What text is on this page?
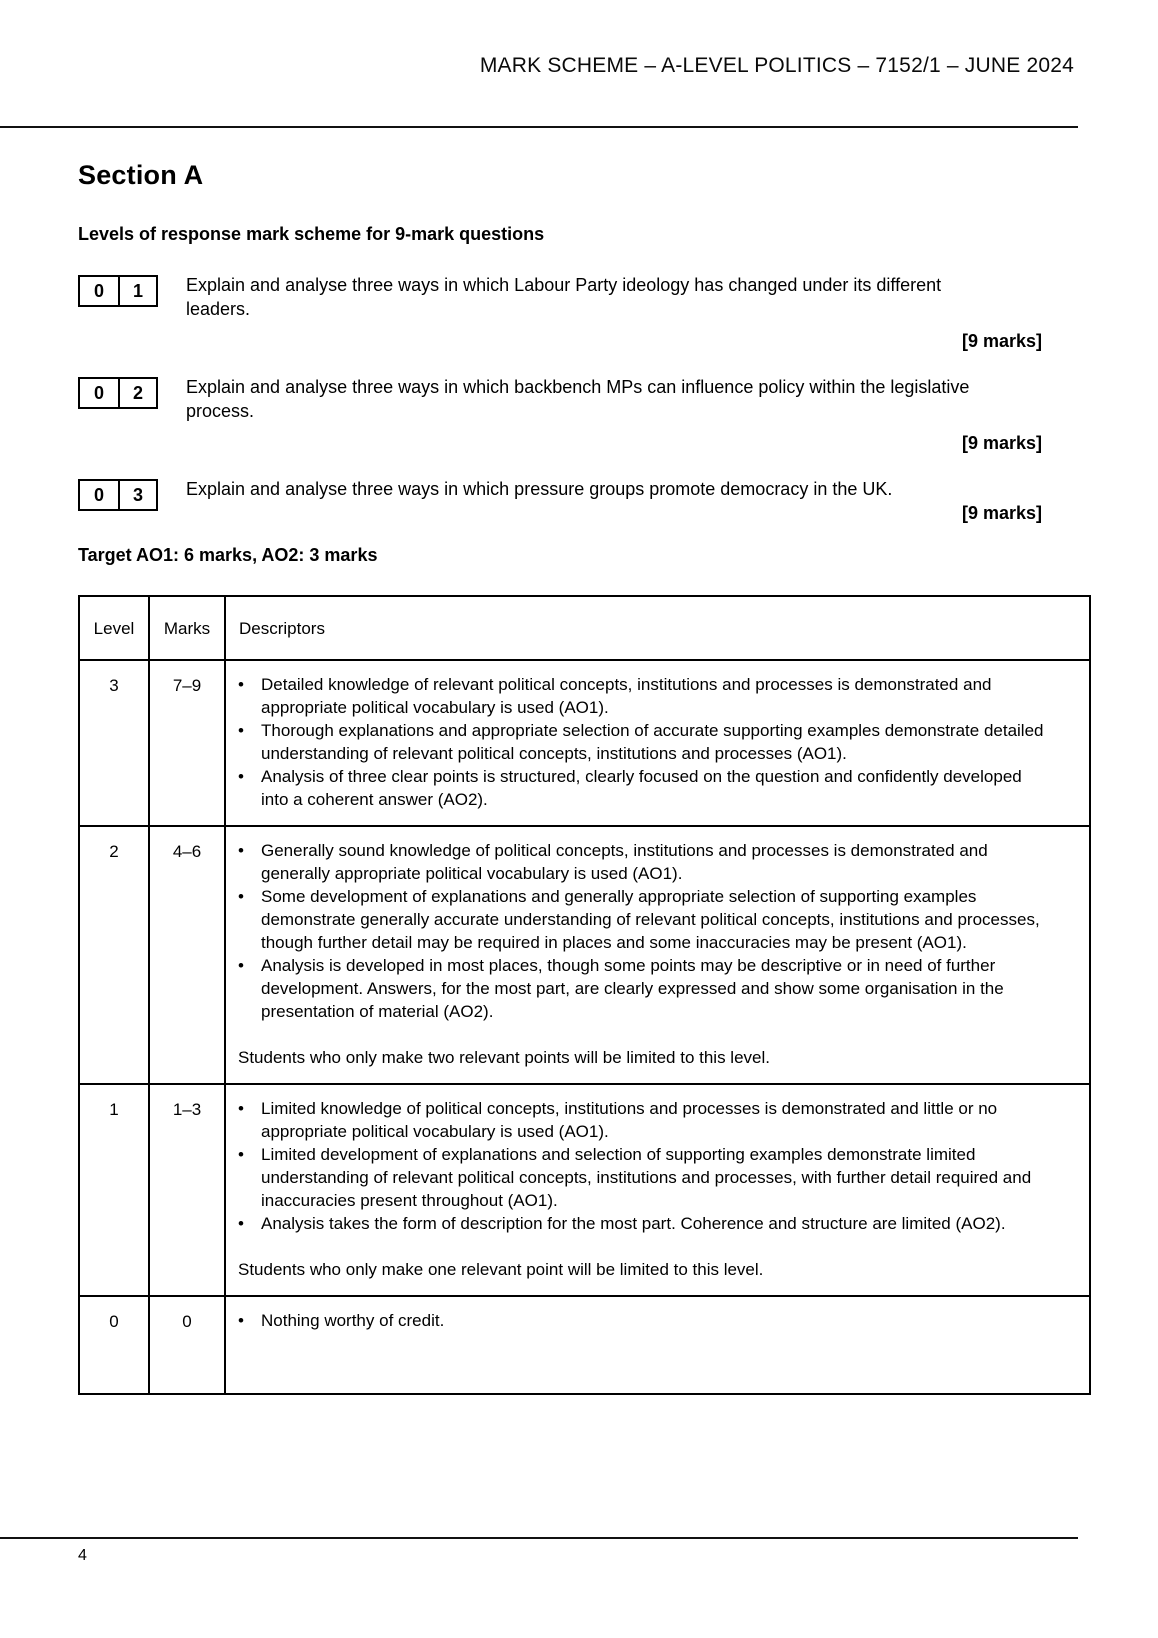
MARK SCHEME – A-LEVEL POLITICS – 7152/1 – JUNE 2024
Section A
Levels of response mark scheme for 9-mark questions
0	1	Explain and analyse three ways in which Labour Party ideology has changed under its different leaders.

[9 marks]

0	2	Explain and analyse three ways in which backbench MPs can influence policy within the legislative process.

[9 marks]

0	3	Explain and analyse three ways in which pressure groups promote democracy in the UK.

[9 marks]

Target AO1: 6 marks, AO2: 3 marks

Level	Marks	Descriptors
3	7–9	
•Detailed knowledge of relevant political concepts, institutions and processes is demonstrated and appropriate political vocabulary is used (AO1).
• Thorough explanations and appropriate selection of accurate supporting examples demonstrate detailed understanding of relevant political concepts, institutions and processes (AO1).
• Analysis of three clear points is structured, clearly focused on the question and confidently developed into a coherent answer (AO2).

2	4–6	
•Generally sound knowledge of political concepts, institutions and processes is demonstrated and generally appropriate political vocabulary is used (AO1).
• Some development of explanations and generally appropriate selection of supporting examples demonstrate generally accurate understanding of relevant political concepts, institutions and processes, though further detail may be required in places and some inaccuracies may be present (AO1).
• Analysis is developed in most places, though some points may be descriptive or in need of further development. Answers, for the most part, are clearly expressed and show some organisation in the presentation of material (AO2).

Students who only make two relevant points will be limited to this level.

1	1–3	
•Limited knowledge of political concepts, institutions and processes is demonstrated and little or no appropriate political vocabulary is used (AO1).
• Limited development of explanations and selection of supporting examples demonstrate limited understanding of relevant political concepts, institutions and processes, with further detail required and inaccuracies present throughout (AO1).
• Analysis takes the form of description for the most part. Coherence and structure are limited (AO2).

Students who only make one relevant point will be limited to this level.

0	0	
•Nothing worthy of credit.
4
